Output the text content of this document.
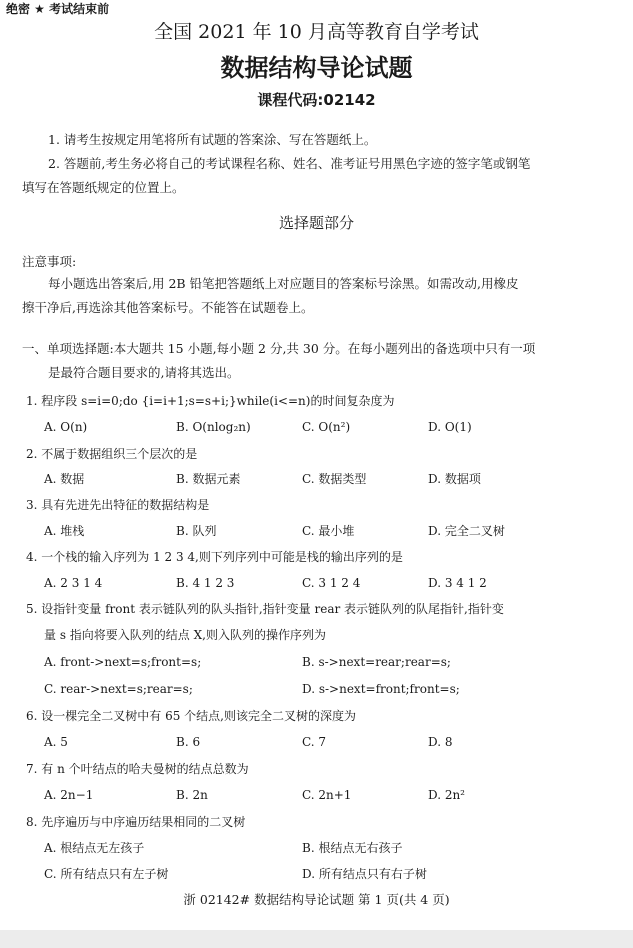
绝密 ★ 考试结束前
全国 2021 年 10 月高等教育自学考试
数据结构导论试题
课程代码:02142
1. 请考生按规定用笔将所有试题的答案涂、写在答题纸上。
2. 答题前,考生务必将自己的考试课程名称、姓名、准考证号用黑色字迹的签字笔或钢笔
填写在答题纸规定的位置上。
选择题部分
注意事项:
每小题选出答案后,用 2B 铅笔把答题纸上对应题目的答案标号涂黑。如需改动,用橡皮
擦干净后,再选涂其他答案标号。不能答在试题卷上。
一、单项选择题:本大题共 15 小题,每小题 2 分,共 30 分。在每小题列出的备选项中只有一项
是最符合题目要求的,请将其选出。
1. 程序段 s=i=0;do {i=i+1;s=s+i;}while(i<=n)的时间复杂度为
A. O(n)	B. O(nlog₂n)	C. O(n²)	D. O(1)
2. 不属于数据组织三个层次的是
A. 数据	B. 数据元素	C. 数据类型	D. 数据项
3. 具有先进先出特征的数据结构是
A. 堆栈	B. 队列	C. 最小堆	D. 完全二叉树
4. 一个栈的输入序列为 1 2 3 4,则下列序列中可能是栈的输出序列的是
A. 2 3 1 4	B. 4 1 2 3	C. 3 1 2 4	D. 3 4 1 2
5. 设指针变量 front 表示链队列的队头指针,指针变量 rear 表示链队列的队尾指针,指针变
量 s 指向将要入队列的结点 X,则入队列的操作序列为
A. front->next=s;front=s;	B. s->next=rear;rear=s;
C. rear->next=s;rear=s;	D. s->next=front;front=s;
6. 设一棵完全二叉树中有 65 个结点,则该完全二叉树的深度为
A. 5	B. 6	C. 7	D. 8
7. 有 n 个叶结点的哈夫曼树的结点总数为
A. 2n−1	B. 2n	C. 2n+1	D. 2n²
8. 先序遍历与中序遍历结果相同的二叉树
A. 根结点无左孩子	B. 根结点无右孩子
C. 所有结点只有左子树	D. 所有结点只有右子树
浙 02142# 数据结构导论试题 第 1 页(共 4 页)
